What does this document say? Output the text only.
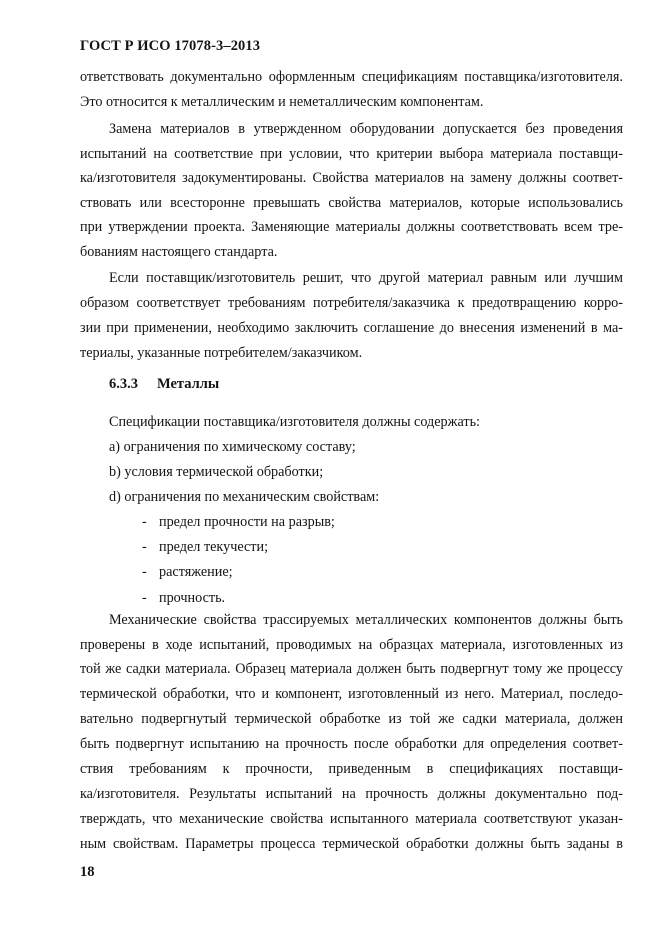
ГОСТ Р ИСО 17078-3–2013
ответствовать документально оформленным спецификациям поставщика/изготовителя.
Это относится к металлическим и неметаллическим компонентам.
Замена материалов в утвержденном оборудовании допускается без проведения
испытаний на соответствие при условии, что критерии выбора материала поставщи-
ка/изготовителя задокументированы. Свойства материалов на замену должны соответ-
ствовать или всесторонне превышать свойства материалов, которые использовались
при утверждении проекта. Заменяющие материалы должны соответствовать всем тре-
бованиям настоящего стандарта.
Если поставщик/изготовитель решит, что другой материал равным или лучшим
образом соответствует требованиям потребителя/заказчика к предотвращению корро-
зии при применении, необходимо заключить соглашение до внесения изменений в ма-
териалы, указанные потребителем/заказчиком.
6.3.3 Металлы
Спецификации поставщика/изготовителя должны содержать:
а) ограничения по химическому составу;
b) условия термической обработки;
d) ограничения по механическим свойствам:
- предел прочности на разрыв;
- предел текучести;
- растяжение;
- прочность.
Механические свойства трассируемых металлических компонентов должны быть
проверены в ходе испытаний, проводимых на образцах материала, изготовленных из
той же садки материала. Образец материала должен быть подвергнут тому же процессу
термической обработки, что и компонент, изготовленный из него. Материал, последо-
вательно подвергнутый термической обработке из той же садки материала, должен
быть подвергнут испытанию на прочность после обработки для определения соответ-
ствия требованиям к прочности, приведенным в спецификациях поставщи-
ка/изготовителя. Результаты испытаний на прочность должны документально под-
тверждать, что механические свойства испытанного материала соответствуют указан-
ным свойствам. Параметры процесса термической обработки должны быть заданы в
18
